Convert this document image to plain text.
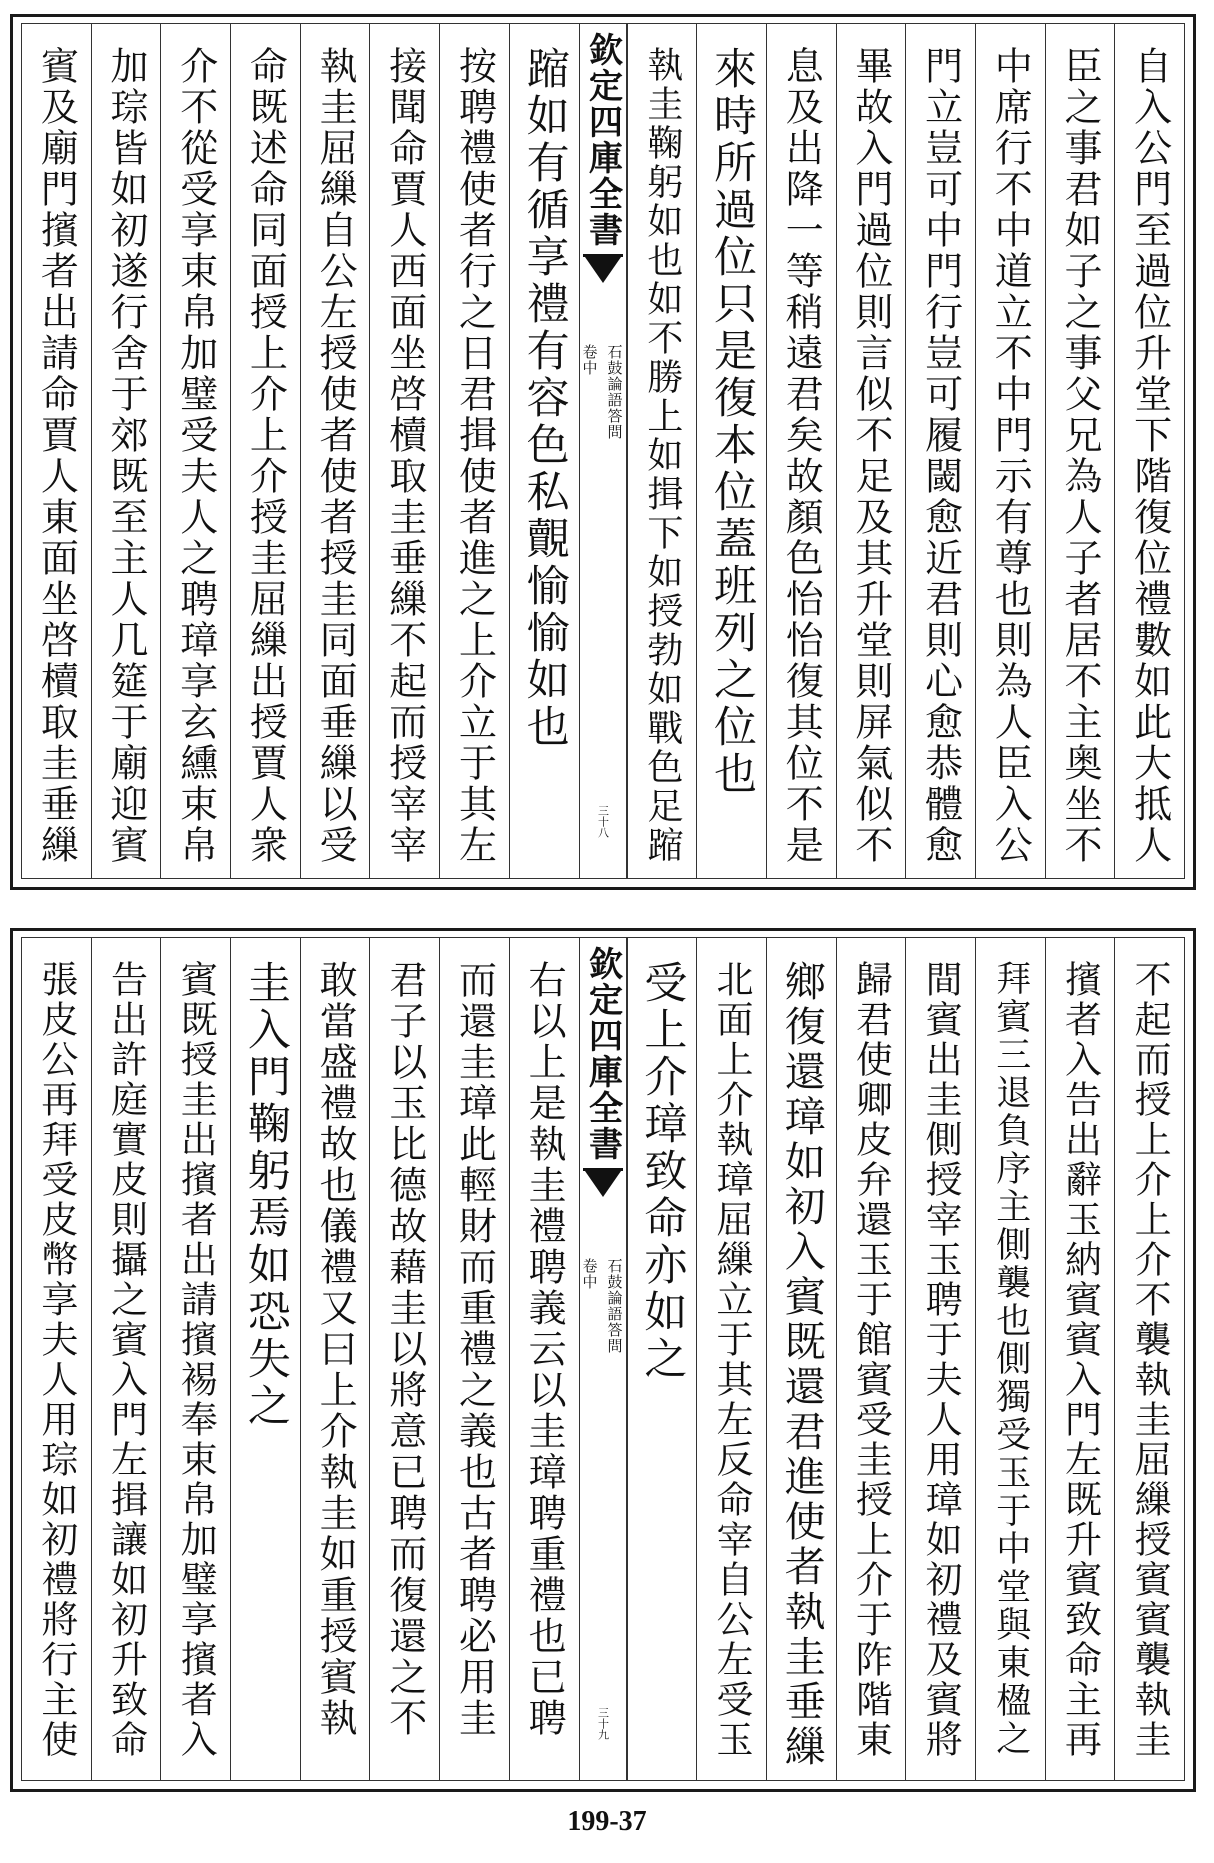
自入公門至過位升堂下階復位禮數如此大抵人
臣之事君如子之事父兄為人子者居不主奥坐不
中席行不中道立不中門示有尊也則為人臣入公
門立豈可中門行豈可履閾愈近君則心愈恭體愈
畢故入門過位則言似不足及其升堂則屏氣似不
息及出降一等稍遠君矣故顏色怡怡復其位不是
來時所過位只是復本位蓋班列之位也
執圭鞠躬如也如不勝上如揖下如授勃如戰色足蹜
欽定四庫全書
石鼓論語答問
卷中
三十八
蹜如有循享禮有容色私覿愉愉如也
按聘禮使者行之日君揖使者進之上介立于其左
接聞命賈人西面坐啓櫝取圭垂繅不起而授宰宰
執圭屈繅自公左授使者使者授圭同面垂繅以受
命既述命同面授上介上介授圭屈繅出授賈人衆
介不從受享束帛加璧受夫人之聘璋享玄纁束帛
加琮皆如初遂行舍于郊既至主人几筵于廟迎賓
賓及廟門擯者出請命賈人東面坐啓櫝取圭垂繅
不起而授上介上介不襲執圭屈繅授賓賓襲執圭
擯者入告出辭玉納賓賓入門左既升賓致命主再
拜賓三退負序主側襲也側獨受玉于中堂與東楹之
間賓出圭側授宰玉聘于夫人用璋如初禮及賓將
歸君使卿皮弁還玉于館賓受圭授上介于阼階東
鄉復還璋如初入賓既還君進使者執圭垂繅
北面上介執璋屈繅立于其左反命宰自公左受玉
受上介璋致命亦如之
欽定四庫全書
石鼓論語答問
卷中
三十九
右以上是執圭禮聘義云以圭璋聘重禮也已聘
而還圭璋此輕財而重禮之義也古者聘必用圭
君子以玉比德故藉圭以將意已聘而復還之不
敢當盛禮故也儀禮又曰上介執圭如重授賓執
圭入門鞠躬焉如恐失之
賓既授圭出擯者出請擯裼奉束帛加璧享擯者入
告出許庭實皮則攝之賓入門左揖讓如初升致命
張皮公再拜受皮幣享夫人用琮如初禮將行主使
199-37
